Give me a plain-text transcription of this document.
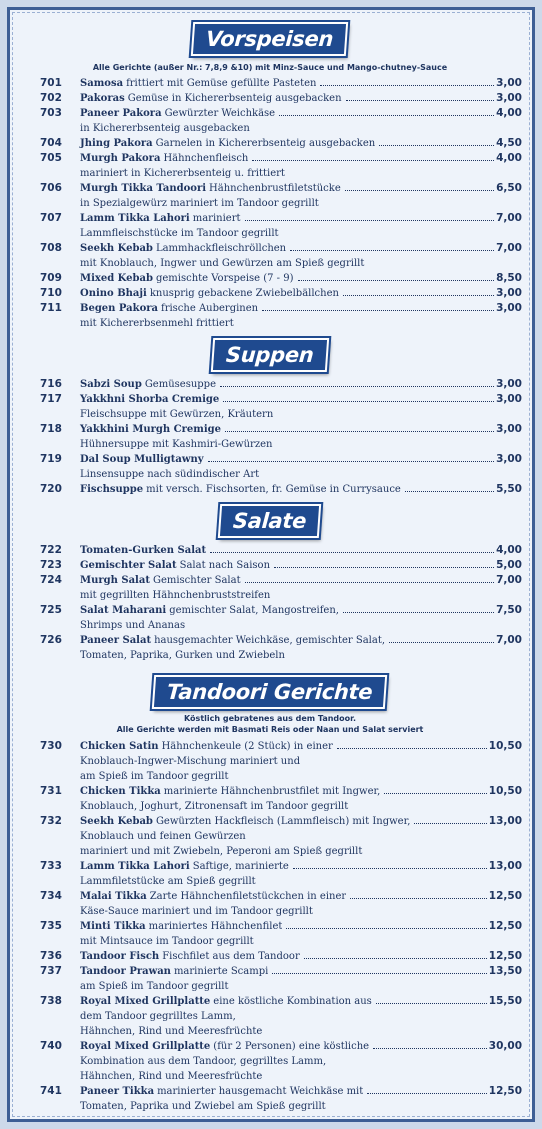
Vorspeisen
Alle Gerichte (außer Nr.: 7,8,9 &10) mit Minz-Sauce und Mango-chutney-Sauce
701	Samosa frittiert mit Gemüse gefüllte Pasteten	3,00
702	Pakoras Gemüse in Kichererbsenteig ausgebacken	3,00
703	Paneer Pakora Gewürzter Weichkäse	4,00
in Kichererbsenteig ausgebacken
704	Jhing Pakora Garnelen in Kichererbsenteig ausgebacken	4,50
705	Murgh Pakora Hähnchenfleisch	4,00
mariniert in Kichererbsenteig u. frittiert
706	Murgh Tikka Tandoori Hähnchenbrustfiletstücke	6,50
in Spezialgewürz mariniert im Tandoor gegrillt
707	Lamm Tikka Lahori mariniert	7,00
Lammfleischstücke im Tandoor gegrillt
708	Seekh Kebab Lammhackfleischröllchen	7,00
mit Knoblauch, Ingwer und Gewürzen am Spieß gegrillt
709	Mixed Kebab gemischte Vorspeise (7 - 9)	8,50
710	Onino Bhaji knusprig gebackene Zwiebelbällchen	3,00
711	Begen Pakora frische Auberginen	3,00
mit Kichererbsenmehl frittiert
Suppen
716	Sabzi Soup Gemüsesuppe	3,00
717	Yakkhni Shorba Cremige	3,00
Fleischsuppe mit Gewürzen, Kräutern
718	Yakkhini Murgh Cremige	3,00
Hühnersuppe mit Kashmiri-Gewürzen
719	Dal Soup Mulligtawny	3,00
Linsensuppe nach südindischer Art
720	Fischsuppe mit versch. Fischsorten, fr. Gemüse in Currysauce	5,50
Salate
722	Tomaten-Gurken Salat	4,00
723	Gemischter Salat Salat nach Saison	5,00
724	Murgh Salat Gemischter Salat	7,00
mit gegrillten Hähnchenbruststreifen
725	Salat Maharani gemischter Salat, Mangostreifen,	7,50
Shrimps und Ananas
726	Paneer Salat hausgemachter Weichkäse, gemischter Salat,	7,00
Tomaten, Paprika, Gurken und Zwiebeln
Tandoori Gerichte
Köstlich gebratenes aus dem Tandoor.
Alle Gerichte werden mit Basmati Reis oder Naan und Salat serviert
730	Chicken Satin Hähnchenkeule (2 Stück) in einer	10,50
Knoblauch-Ingwer-Mischung mariniert und
am Spieß im Tandoor gegrillt
731	Chicken Tikka marinierte Hähnchenbrustfilet mit Ingwer,	10,50
Knoblauch, Joghurt, Zitronensaft im Tandoor gegrillt
732	Seekh Kebab Gewürzten Hackfleisch (Lammfleisch) mit Ingwer,	13,00
Knoblauch und feinen Gewürzen
mariniert und mit Zwiebeln, Peperoni am Spieß gegrillt
733	Lamm Tikka Lahori Saftige, marinierte	13,00
Lammfiletstücke am Spieß gegrillt
734	Malai Tikka Zarte Hähnchenfiletstückchen in einer	12,50
Käse-Sauce mariniert und im Tandoor gegrillt
735	Minti Tikka mariniertes Hähnchenfilet	12,50
mit Mintsauce im Tandoor gegrillt
736	Tandoor Fisch Fischfilet aus dem Tandoor	12,50
737	Tandoor Prawan marinierte Scampi	13,50
am Spieß im Tandoor gegrillt
738	Royal Mixed Grillplatte eine köstliche Kombination aus	15,50
dem Tandoor gegrilltes Lamm,
Hähnchen, Rind und Meeresfrüchte
740	Royal Mixed Grillplatte (für 2 Personen) eine köstliche	30,00
Kombination aus dem Tandoor, gegrilltes Lamm,
Hähnchen, Rind und Meeresfrüchte
741	Paneer Tikka marinierter hausgemacht Weichkäse mit	12,50
Tomaten, Paprika und Zwiebel am Spieß gegrillt
